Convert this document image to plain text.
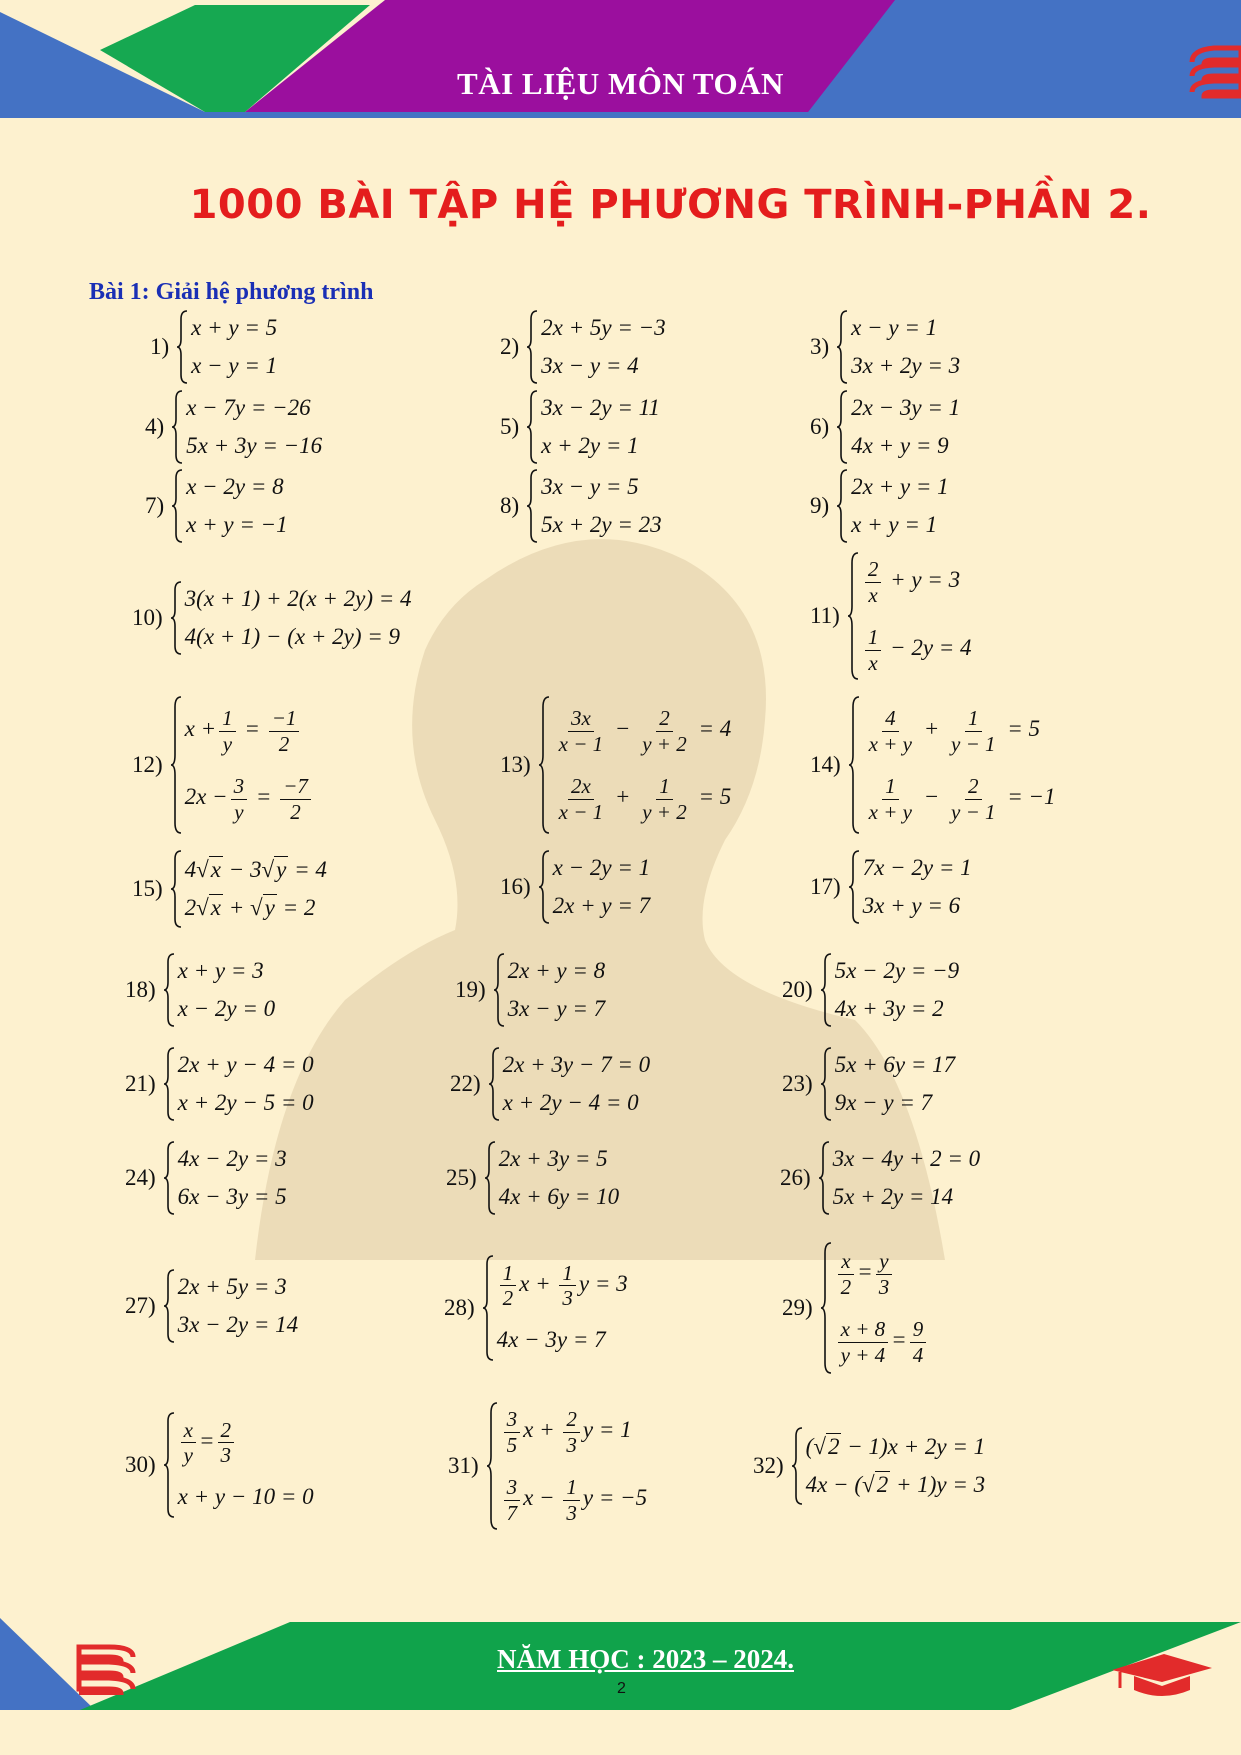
TÀI LIỆU MÔN TOÁN
1000 BÀI TẬP HỆ PHƯƠNG TRÌNH-PHẦN 2.
Bài 1: Giải hệ phương trình
1)
x + y = 5
x − y = 1
2)
2x + 5y = −3
3x − y = 4
3)
x − y = 1
3x + 2y = 3
4)
x − 7y = −26
5x + 3y = −16
5)
3x − 2y = 11
x + 2y = 1
6)
2x − 3y = 1
4x + y = 9
7)
x − 2y = 8
x + y = −1
8)
3x − y = 5
5x + 2y = 23
9)
2x + y = 1
x + y = 1
10)
3(x + 1) + 2(x + 2y) = 4
4(x + 1) − (x + 2y) = 9
11)
$\frac{2}{x} + y = 3$
$\frac{1}{x} - 2y = 4$
12)
$x + \frac{1}{y} = \frac{-1}{2}$
$2x - \frac{3}{y} = \frac{-7}{2}$
13)
$\frac{3x}{x - 1} - \frac{2}{y + 2} = 4$
$\frac{2x}{x - 1} + \frac{1}{y + 2} = 5$
14)
$\frac{4}{x + y} + \frac{1}{y - 1} = 5$
$\frac{1}{x + y} - \frac{2}{y - 1} = -1$
15)
4√x − 3√y = 4
2√x + √y = 2
16)
x − 2y = 1
2x + y = 7
17)
7x − 2y = 1
3x + y = 6
18)
x + y = 3
x − 2y = 0
19)
2x + y = 8
3x − y = 7
20)
5x − 2y = −9
4x + 3y = 2
21)
2x + y − 4 = 0
x + 2y − 5 = 0
22)
2x + 3y − 7 = 0
x + 2y − 4 = 0
23)
5x + 6y = 17
9x − y = 7
24)
4x − 2y = 3
6x − 3y = 5
25)
2x + 3y = 5
4x + 6y = 10
26)
3x − 4y + 2 = 0
5x + 2y = 14
27)
2x + 5y = 3
3x − 2y = 14
$28) \frac{1}{2}$ $x + \frac{1}{3}$ y = 3
4x − 3y = 7
29)
$\frac{x}{2} = \frac{y}{3}$
$\frac{x + 8}{y + 4} = \frac{9}{4}$
$30) \frac{x}{y} = \frac{2}{3}$
x + y − 10 = 0
31)
$\frac{3}{5}$ $x + \frac{2}{3}$ y = 1
$\frac{3}{7}$ $x - \frac{1}{3}$ y = −5
32)
(√2 − 1)x + 2y = 1
4x − (√2 + 1)y = 3
NĂM HỌC : 2023 – 2024.
2
